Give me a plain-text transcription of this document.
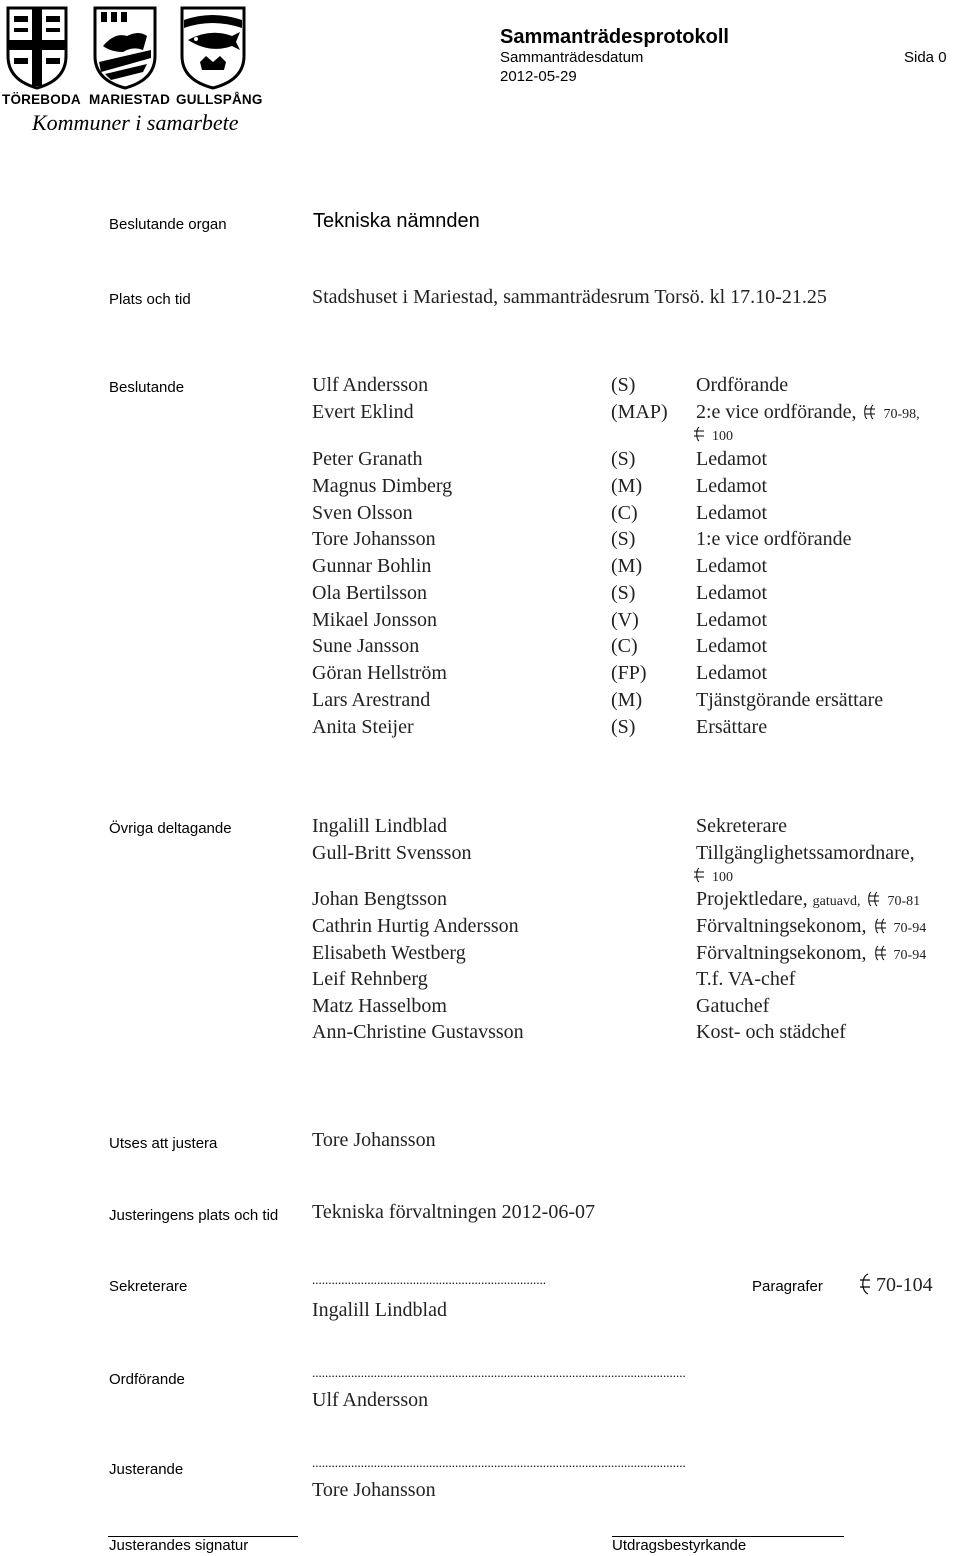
TÖREBODA MARIESTAD GULLSPÅNG
Kommuner i samarbete
Sammanträdesprotokoll
Sammanträdesdatum	Sida 0
2012-05-29
Beslutande organ	Tekniska nämnden
Plats och tid	Stadshuset i Mariestad, sammanträdesrum Torsö. kl 17.10-21.25
Beslutande	Ulf Andersson	(S)	Ordförande
Evert Eklind	(MAP) 2:e vice ordförande, 70-98,
100
Peter Granath	(S)	Ledamot
Magnus Dimberg	(M)	Ledamot
Sven Olsson	(C)	Ledamot
Tore Johansson	(S)	1:e vice ordförande
Gunnar Bohlin	(M)	Ledamot
Ola Bertilsson	(S)	Ledamot
Mikael Jonsson	(V)	Ledamot
Sune Jansson	(C)	Ledamot
Göran Hellström	(FP) Ledamot
Lars Arestrand	(M)	Tjänstgörande ersättare
Anita Steijer	(S)	Ersättare
Övriga deltagande	Ingalill Lindblad	Sekreterare
Gull-Britt Svensson	Tillgänglighetssamordnare,
100
Johan Bengtsson	Projektledare, gatuavd, 70-81
Cathrin Hurtig Andersson	Förvaltningsekonom, 70-94
Elisabeth Westberg	Förvaltningsekonom, 70-94
Leif Rehnberg	T.f. VA-chef
Matz Hasselbom	Gatuchef
Ann-Christine Gustavsson	Kost- och städchef
Utses att justera	Tore Johansson
Justeringens plats och tid Tekniska förvaltningen 2012-06-07
Sekreterare	........................................................................
Ingalill Lindblad
Paragrafer	70-104
Ordförande	...................................................................................................................
Ulf Andersson
Justerande	...................................................................................................................
Tore Johansson
Justerandes signatur	Utdragsbestyrkande
